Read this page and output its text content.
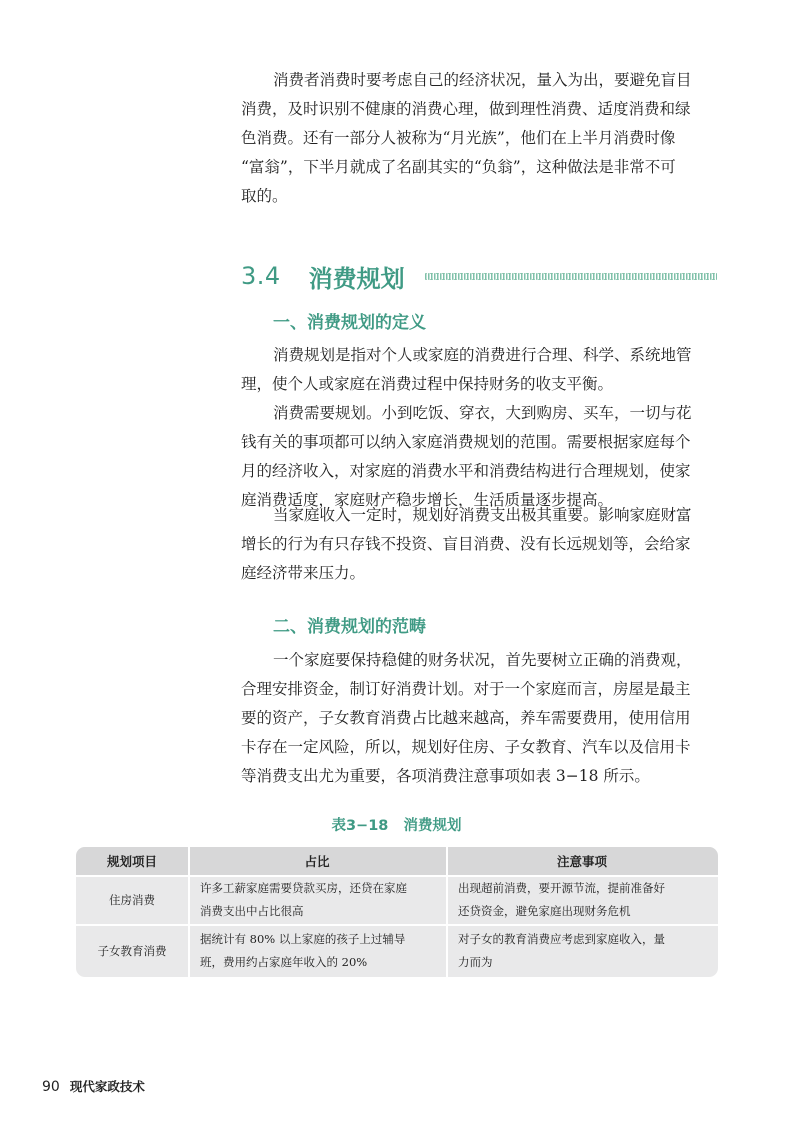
消费者消费时要考虑自己的经济状况，量入为出，要避免盲目
消费，及时识别不健康的消费心理，做到理性消费、适度消费和绿
色消费。还有一部分人被称为“月光族”，他们在上半月消费时像
“富翁”，下半月就成了名副其实的“负翁”，这种做法是非常不可
取的。
3.4 消费规划
一、消费规划的定义
消费规划是指对个人或家庭的消费进行合理、科学、系统地管
理，使个人或家庭在消费过程中保持财务的收支平衡。
消费需要规划。小到吃饭、穿衣，大到购房、买车，一切与花
钱有关的事项都可以纳入家庭消费规划的范围。需要根据家庭每个
月的经济收入，对家庭的消费水平和消费结构进行合理规划，使家
庭消费适度，家庭财产稳步增长，生活质量逐步提高。
当家庭收入一定时，规划好消费支出极其重要。影响家庭财富
增长的行为有只存钱不投资、盲目消费、没有长远规划等，会给家
庭经济带来压力。
二、消费规划的范畴
一个家庭要保持稳健的财务状况，首先要树立正确的消费观，
合理安排资金，制订好消费计划。对于一个家庭而言，房屋是最主
要的资产，子女教育消费占比越来越高，养车需要费用，使用信用
卡存在一定风险，所以，规划好住房、子女教育、汽车以及信用卡
等消费支出尤为重要，各项消费注意事项如表 3−18 所示。
表3−18   消费规划
规划项目	占比	注意事项
住房消费
许多工薪家庭需要贷款买房，还贷在家庭
消费支出中占比很高
出现超前消费，要开源节流，提前准备好
还贷资金，避免家庭出现财务危机
子女教育消费
据统计有 80% 以上家庭的孩子上过辅导
班，费用约占家庭年收入的 20%
对子女的教育消费应考虑到家庭收入，量
力而为
90 现代家政技术
